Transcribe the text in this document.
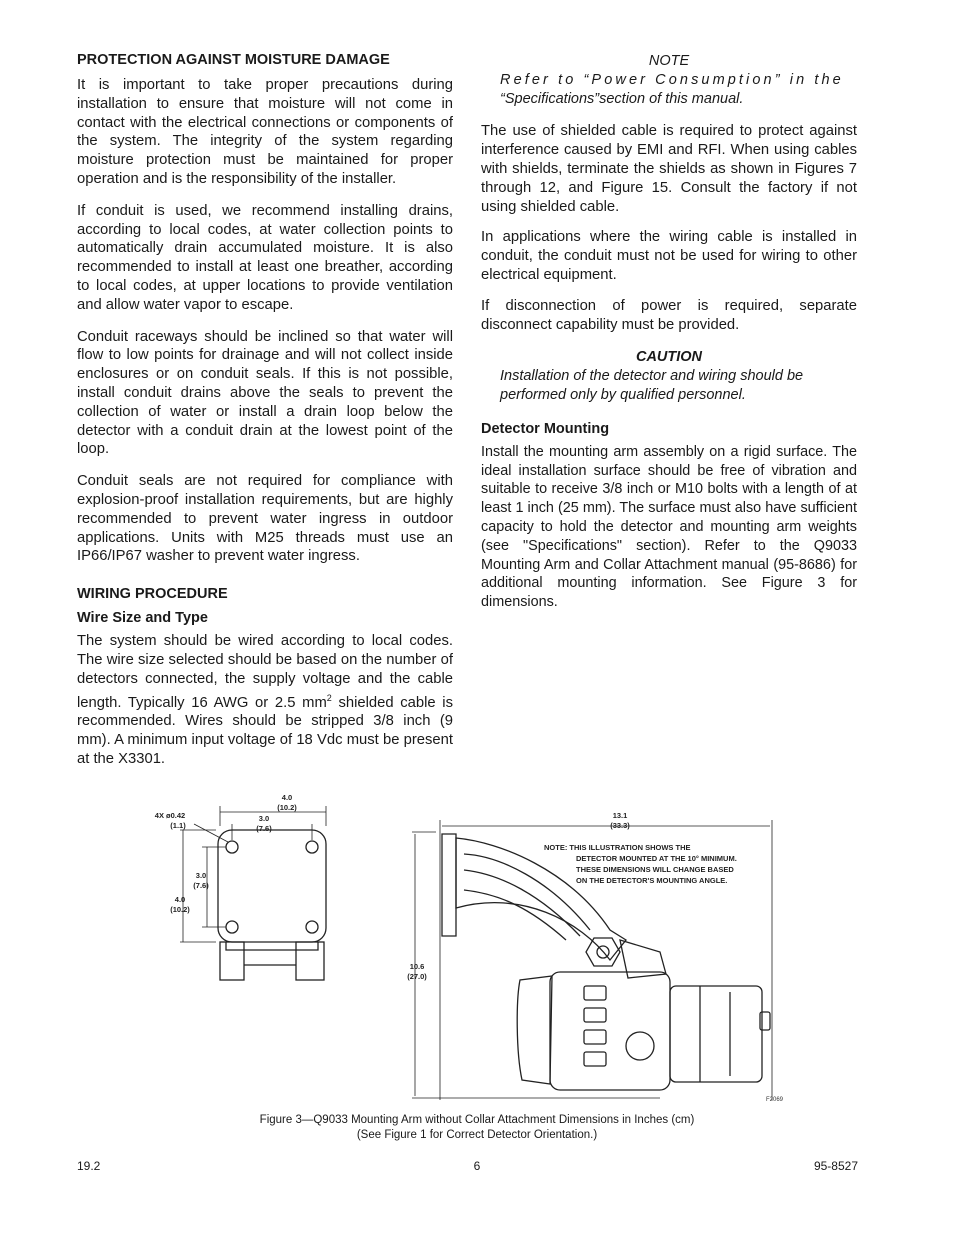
PROTECTION AGAINST MOISTURE DAMAGE

It is important to take proper precautions during installation to ensure that moisture will not come in contact with the electrical connections or components of the system. The integrity of the system regarding moisture protection must be maintained for proper operation and is the responsibility of the installer.

If conduit is used, we recommend installing drains, according to local codes, at water collection points to automatically drain accumulated moisture. It is also recommended to install at least one breather, according to local codes, at upper locations to provide ventilation and allow water vapor to escape.

Conduit raceways should be inclined so that water will flow to low points for drainage and will not collect inside enclosures or on conduit seals. If this is not possible, install conduit drains above the seals to prevent the collection of water or install a drain loop below the detector with a conduit drain at the lowest point of the loop.

Conduit seals are not required for compliance with explosion-proof installation requirements, but are highly recommended to prevent water ingress in outdoor applications. Units with M25 threads must use an IP66/IP67 washer to prevent water ingress.

WIRING PROCEDURE
Wire Size and Type

The system should be wired according to local codes. The wire size selected should be based on the number of detectors connected, the supply voltage and the cable length. Typically 16 AWG or 2.5 $mm^2$ shielded cable is recommended. Wires should be stripped 3/8 inch (9 mm). A minimum input voltage of 18 Vdc must be present at the X3301.

NOTE

Refer to “Power Consumption” in the
“Specifications”section of this manual.

The use of shielded cable is required to protect against interference caused by EMI and RFI. When using cables with shields, terminate the shields as shown in Figures 7 through 12, and Figure 15. Consult the factory if not using shielded cable.

In applications where the wiring cable is installed in conduit, the conduit must not be used for wiring to other electrical equipment.

If disconnection of power is required, separate disconnect capability must be provided.

CAUTION

Installation of the detector and wiring should be performed only by qualified personnel.
Detector Mounting

Install the mounting arm assembly on a rigid surface. The ideal installation surface should be free of vibration and suitable to receive 3/8 inch or M10 bolts with a length of at least 1 inch (25 mm). The surface must also have sufficient capacity to hold the detector and mounting arm weights (see "Specifications" section). Refer to the Q9033 Mounting Arm and Collar Attachment manual (95-8686) for additional mounting information. See Figure 3 for dimensions.

4X ø0.42
(1.1)
4.0
(10.2)
3.0
(7.6)
3.0
(7.6)
4.0
(10.2)
13.1
(33.3)
10.6
(27.0)
NOTE: THIS ILLUSTRATION SHOWS THE
DETECTOR MOUNTED AT THE 10° MINIMUM.
THESE DIMENSIONS WILL CHANGE BASED
ON THE DETECTOR'S MOUNTING ANGLE.
F2069
Figure 3—Q9033 Mounting Arm without Collar Attachment Dimensions in Inches (cm)
(See Figure 1 for Correct Detector Orientation.)
19.2	6	95-8527
